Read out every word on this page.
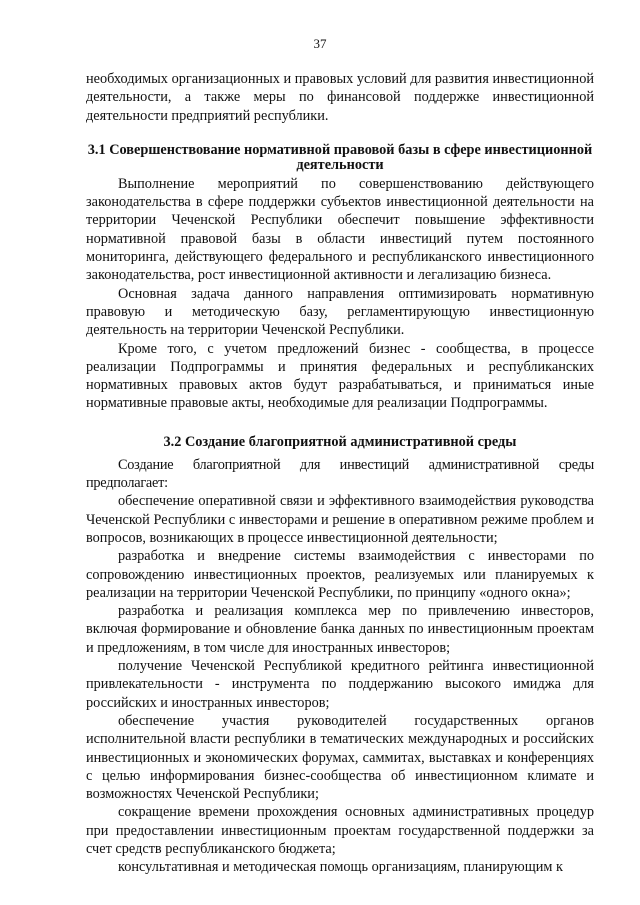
37

необходимых организационных и правовых условий для развития инвестиционной деятельности, а также меры по финансовой поддержке инвестиционной деятельности предприятий республики.

3.1 Совершенствование нормативной правовой базы в сфере инвестиционной деятельности

Выполнение мероприятий по совершенствованию действующего законодательства в сфере поддержки субъектов инвестиционной деятельности на территории Чеченской Республики обеспечит повышение эффективности нормативной правовой базы в области инвестиций путем постоянного мониторинга, действующего федерального и республиканского инвестиционного законодательства, рост инвестиционной активности и легализацию бизнеса.

Основная задача данного направления оптимизировать нормативную правовую и методическую базу, регламентирующую инвестиционную деятельность на территории Чеченской Республики.

Кроме того, с учетом предложений бизнес - сообщества, в процессе реализации Подпрограммы и принятия федеральных и республиканских нормативных правовых актов будут разрабатываться, и приниматься иные нормативные правовые акты, необходимые для реализации Подпрограммы.

3.2 Создание благоприятной административной среды

Создание благоприятной для инвестиций административной среды предполагает:

обеспечение оперативной связи и эффективного взаимодействия руководства Чеченской Республики с инвесторами и решение в оперативном режиме проблем и вопросов, возникающих в процессе инвестиционной деятельности;

разработка и внедрение системы взаимодействия с инвесторами по сопровождению инвестиционных проектов, реализуемых или планируемых к реализации на территории Чеченской Республики, по принципу «одного окна»;

разработка и реализация комплекса мер по привлечению инвесторов, включая формирование и обновление банка данных по инвестиционным проектам и предложениям, в том числе для иностранных инвесторов;

получение Чеченской Республикой кредитного рейтинга инвестиционной привлекательности - инструмента по поддержанию высокого имиджа для российских и иностранных инвесторов;

обеспечение участия руководителей государственных органов исполнительной власти республики в тематических международных и российских инвестиционных и экономических форумах, саммитах, выставках и конференциях с целью информирования бизнес-сообщества об инвестиционном климате и возможностях Чеченской Республики;

сокращение времени прохождения основных административных процедур при предоставлении инвестиционным проектам государственной поддержки за счет средств республиканского бюджета;

консультативная и методическая помощь организациям, планирующим к
